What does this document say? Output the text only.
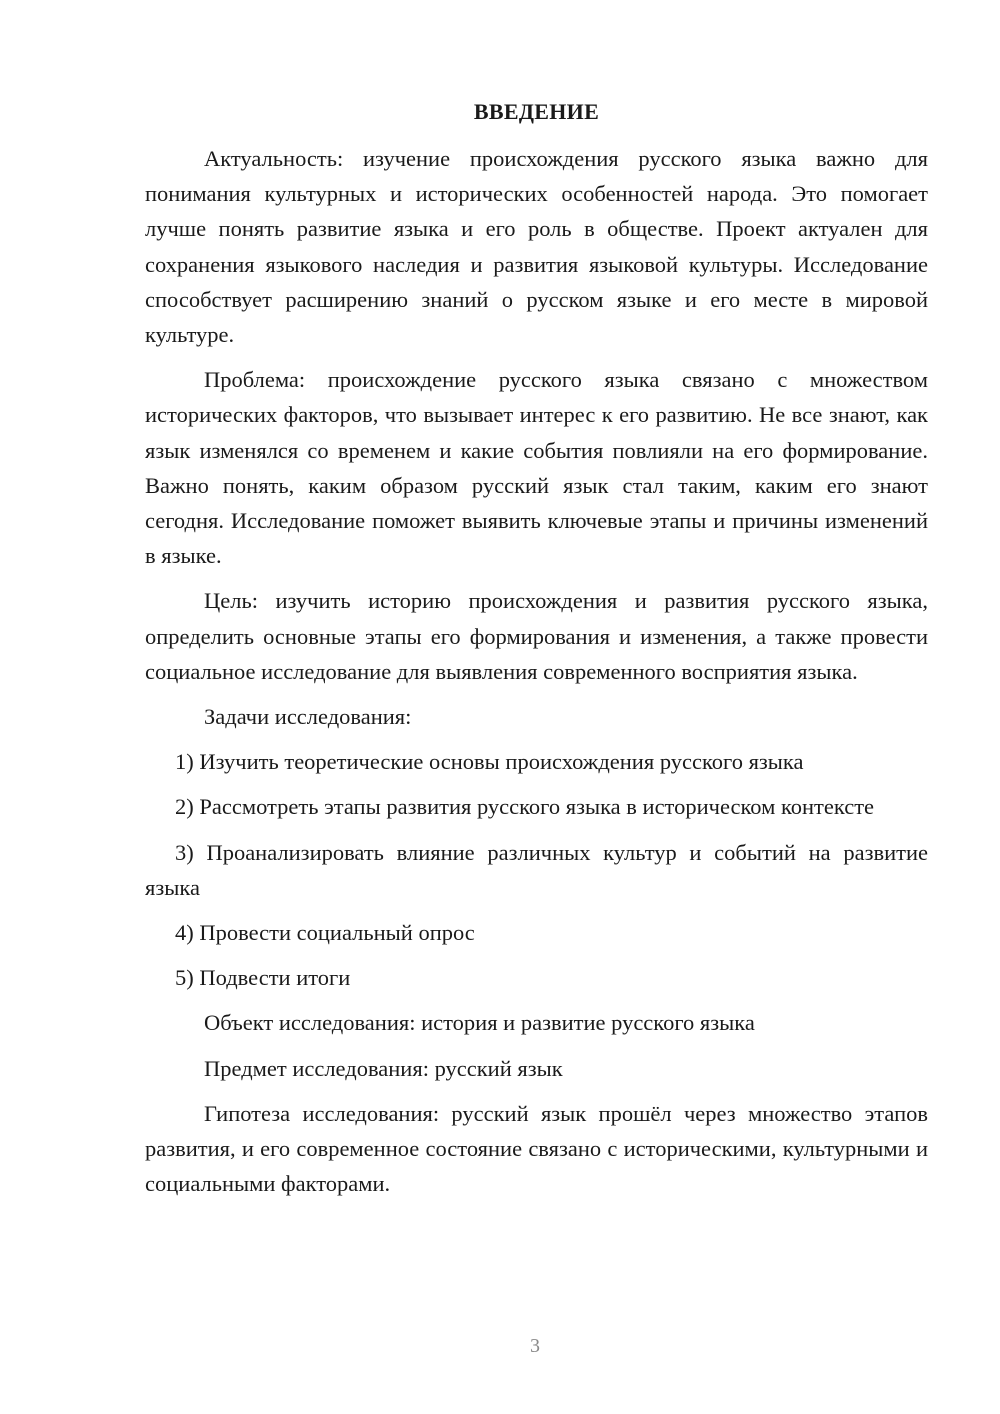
ВВЕДЕНИЕ

Актуальность: изучение происхождения русского языка важно для понимания культурных и исторических особенностей народа. Это помогает лучше понять развитие языка и его роль в обществе. Проект актуален для сохранения языкового наследия и развития языковой культуры. Исследование способствует расширению знаний о русском языке и его месте в мировой культуре.

Проблема: происхождение русского языка связано с множеством исторических факторов, что вызывает интерес к его развитию. Не все знают, как язык изменялся со временем и какие события повлияли на его формирование. Важно понять, каким образом русский язык стал таким, каким его знают сегодня. Исследование поможет выявить ключевые этапы и причины изменений в языке.

Цель: изучить историю происхождения и развития русского языка, определить основные этапы его формирования и изменения, а также провести социальное исследование для выявления современного восприятия языка.

Задачи исследования:

1) Изучить теоретические основы происхождения русского языка

2) Рассмотреть этапы развития русского языка в историческом контексте

3) Проанализировать влияние различных культур и событий на развитие языка

4) Провести социальный опрос

5) Подвести итоги

Объект исследования: история и развитие русского языка

Предмет исследования: русский язык

Гипотеза исследования: русский язык прошёл через множество этапов развития, и его современное состояние связано с историческими, культурными и социальными факторами.

3
